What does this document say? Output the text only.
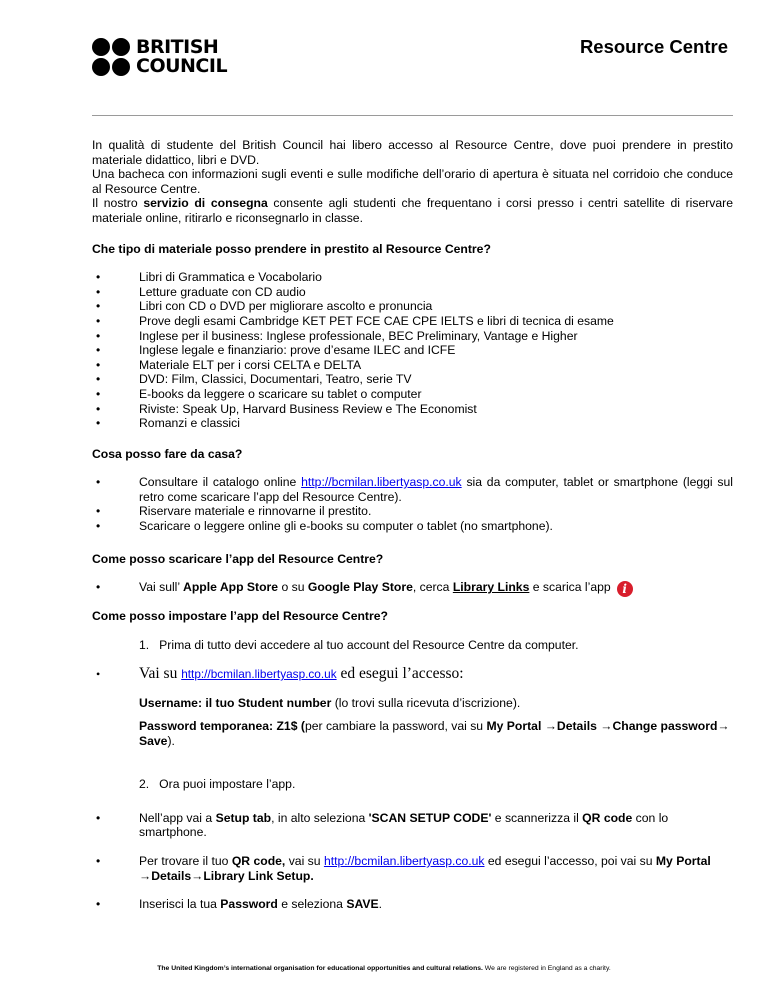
BRITISH
COUNCIL
Resource Centre

In qualità di studente del British Council hai libero accesso al Resource Centre, dove puoi prendere in prestito materiale didattico, libri e DVD.

Una bacheca con informazioni sugli eventi e sulle modifiche dell’orario di apertura è situata nel corridoio che conduce al Resource Centre.

Il nostro servizio di consegna consente agli studenti che frequentano i corsi presso i centri satellite di riservare materiale online, ritirarlo e riconsegnarlo in classe.

Che tipo di materiale posso prendere in prestito al Resource Centre?

• Libri di Grammatica e Vocabolario
• Letture graduate con CD audio
• Libri con CD o DVD per migliorare ascolto e pronuncia
• Prove degli esami Cambridge KET PET FCE CAE CPE IELTS e libri di tecnica di esame
• Inglese per il business: Inglese professionale, BEC Preliminary, Vantage e Higher
• Inglese legale e finanziario: prove d’esame ILEC and ICFE
• Materiale ELT per i corsi CELTA e DELTA
• DVD: Film, Classici, Documentari, Teatro, serie TV
• E-books da leggere o scaricare su tablet o computer
• Riviste: Speak Up, Harvard Business Review e The Economist
• Romanzi e classici

Cosa posso fare da casa?

• Consultare il catalogo online http://bcmilan.libertyasp.co.uk sia da computer, tablet or smartphone (leggi sul retro come scaricare l’app del Resource Centre).
• Riservare materiale e rinnovarne il prestito.
• Scaricare o leggere online gli e-books su computer o tablet (no smartphone).

Come posso scaricare l’app del Resource Centre?

• Vai sull’ Apple App Store o su Google Play Store, cerca Library Links e scarica l’app i

Come posso impostare l’app del Resource Centre?

1. Prima di tutto devi accedere al tuo account del Resource Centre da computer.

• Vai su http://bcmilan.libertyasp.co.uk ed esegui l’accesso:

Username: il tuo Student number (lo trovi sulla ricevuta d’iscrizione).

Password temporanea: Z1$ (per cambiare la password, vai su My Portal →Details →Change password→ Save).

2. Ora puoi impostare l’app.

• Nell’app vai a Setup tab, in alto seleziona 'SCAN SETUP CODE' e scannerizza il QR code con lo smartphone.
• Per trovare il tuo QR code, vai su http://bcmilan.libertyasp.co.uk ed esegui l’accesso, poi vai su My Portal →Details→Library Link Setup.
• Inserisci la tua Password e seleziona SAVE.
The United Kingdom’s international organisation for educational opportunities and cultural relations. We are registered in England as a charity.
